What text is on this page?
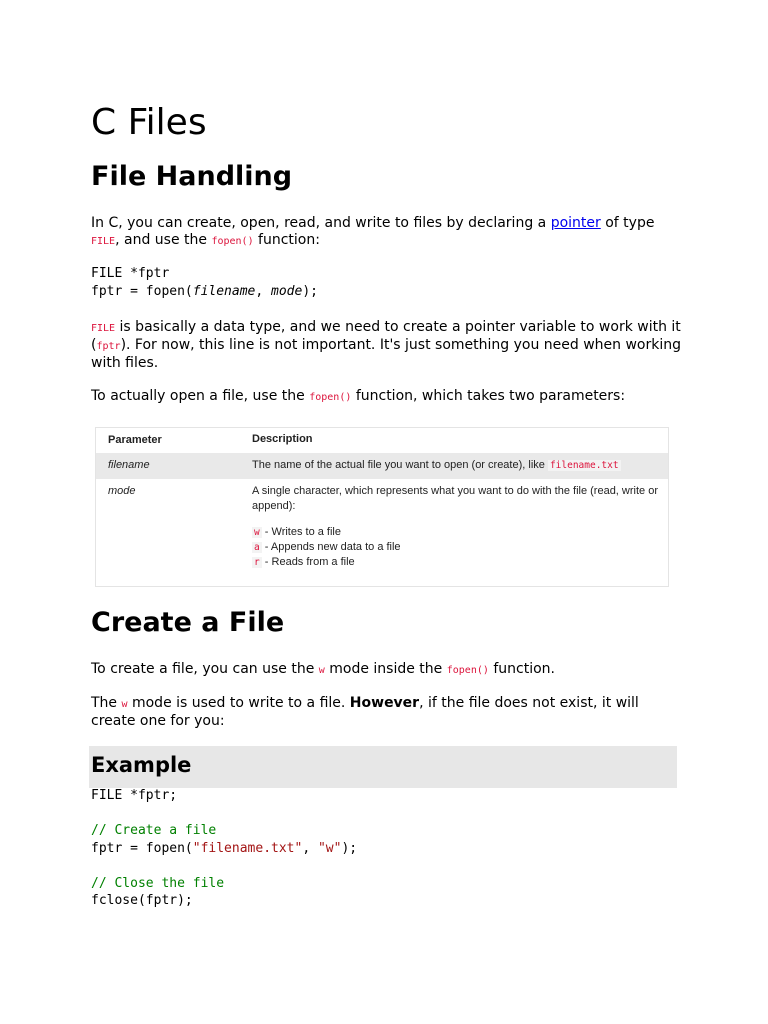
C Files
File Handling

In C, you can create, open, read, and write to files by declaring a pointer of type FILE, and use the fopen() function:

FILE *fptr
fptr = fopen(filename, mode);

FILE is basically a data type, and we need to create a pointer variable to work with it (fptr). For now, this line is not important. It's just something you need when working with files.

To actually open a file, use the fopen() function, which takes two parameters:

Parameter	Description
filename	The name of the actual file you want to open (or create), like filename.txt
mode	A single character, which represents what you want to do with the file (read, write or append):
w - Writes to a file
a - Appends new data to a file
r - Reads from a file
Create a File

To create a file, you can use the w mode inside the fopen() function.

The w mode is used to write to a file. However, if the file does not exist, it will create one for you:

Example
FILE *fptr;
// Create a file
fptr = fopen("filename.txt", "w");
// Close the file
fclose(fptr);
